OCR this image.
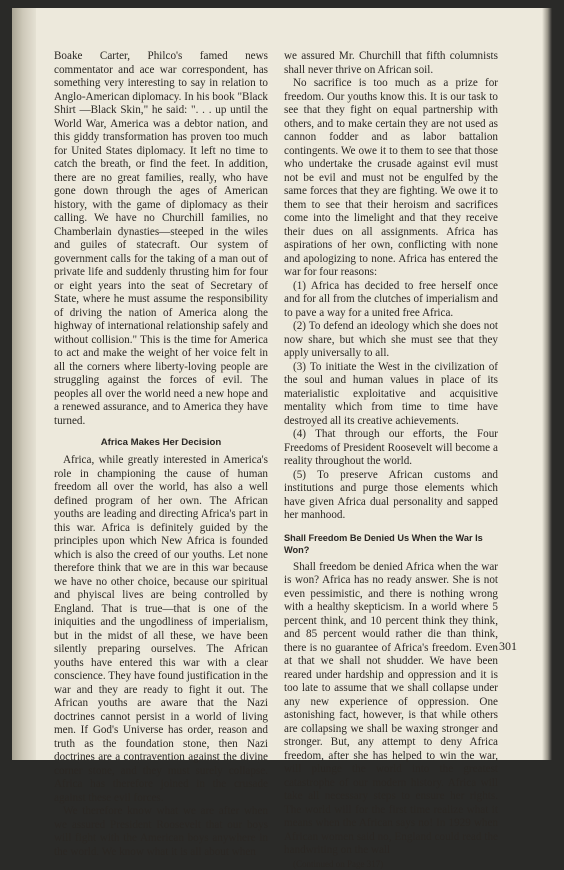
Boake Carter, Philco's famed news commentator and ace war correspondent, has something very interesting to say in relation to Anglo-American diplomacy. In his book "Black Shirt —Black Skin," he said: ". . . up until the World War, America was a debtor nation, and this giddy transformation has proven too much for United States diplomacy. It left no time to catch the breath, or find the feet. In addition, there are no great families, really, who have gone down through the ages of American history, with the game of diplomacy as their calling. We have no Churchill families, no Chamberlain dynasties—steeped in the wiles and guiles of statecraft. Our system of government calls for the taking of a man out of private life and suddenly thrusting him for four or eight years into the seat of Secretary of State, where he must assume the responsibility of driving the nation of America along the highway of international relationship safely and without collision." This is the time for America to act and make the weight of her voice felt in all the corners where liberty-loving people are struggling against the forces of evil. The peoples all over the world need a new hope and a renewed assurance, and to America they have turned.

Africa Makes Her Decision

Africa, while greatly interested in America's role in championing the cause of human freedom all over the world, has also a well defined program of her own. The African youths are leading and directing Africa's part in this war. Africa is definitely guided by the principles upon which New Africa is founded which is also the creed of our youths. Let none therefore think that we are in this war because we have no other choice, because our spiritual and phyiscal lives are being controlled by England. That is true—that is one of the iniquities and the ungodliness of imperialism, but in the midst of all these, we have been silently preparing ourselves. The African youths have entered this war with a clear conscience. They have found justification in the war and they are ready to fight it out. The African youths are aware that the Nazi doctrines cannot persist in a world of living men. If God's Universe has order, reason and truth as the foundation stone, then Nazi doctrines are a contravention against the divine corner stone, and they must surely collapse. Africa has therefore joined in the crusade against these evil forces.

We therefore know what we are after when we assured President Roosevelt that our boys will fight with the American boys anywhere in the world. We know what it is all about when

we assured Mr. Churchill that fifth columnists shall never thrive on African soil.

No sacrifice is too much as a prize for freedom. Our youths know this. It is our task to see that they fight on equal partnership with others, and to make certain they are not used as cannon fodder and as labor battalion contingents. We owe it to them to see that those who undertake the crusade against evil must not be evil and must not be engulfed by the same forces that they are fighting. We owe it to them to see that their heroism and sacrifices come into the limelight and that they receive their dues on all assignments. Africa has aspirations of her own, conflicting with none and apologizing to none. Africa has entered the war for four reasons:

(1) Africa has decided to free herself once and for all from the clutches of imperialism and to pave a way for a united free Africa.

(2) To defend an ideology which she does not now share, but which she must see that they apply universally to all.

(3) To initiate the West in the civilization of the soul and human values in place of its materialistic exploitative and acquisitive mentality which from time to time have destroyed all its creative achievements.

(4) That through our efforts, the Four Freedoms of President Roosevelt will become a reality throughout the world.

(5) To preserve African customs and institutions and purge those elements which have given Africa dual personality and sapped her manhood.

Shall Freedom Be Denied Us When the War Is Won?

Shall freedom be denied Africa when the war is won? Africa has no ready answer. She is not even pessimistic, and there is nothing wrong with a healthy skepticism. In a world where 5 percent think, and 10 percent think they think, and 85 percent would rather die than think, there is no guarantee of Africa's freedom. Even at that we shall not shudder. We have been reared under hardship and oppression and it is too late to assume that we shall collapse under any new experience of oppression. One astonishing fact, however, is that while others are collapsing we shall be waxing stronger and stronger. But, any attempt to deny Africa freedom, after she has helped to win the war, will plunge the world into the greatest catastrophe of our modern history. Africa will take all necessary steps to ensure her rights. The world will for the first time realize what it means when the African says no! In 1929 when African women said no, England could read the handwriting on the wall

(Continued on Page 317)

301
